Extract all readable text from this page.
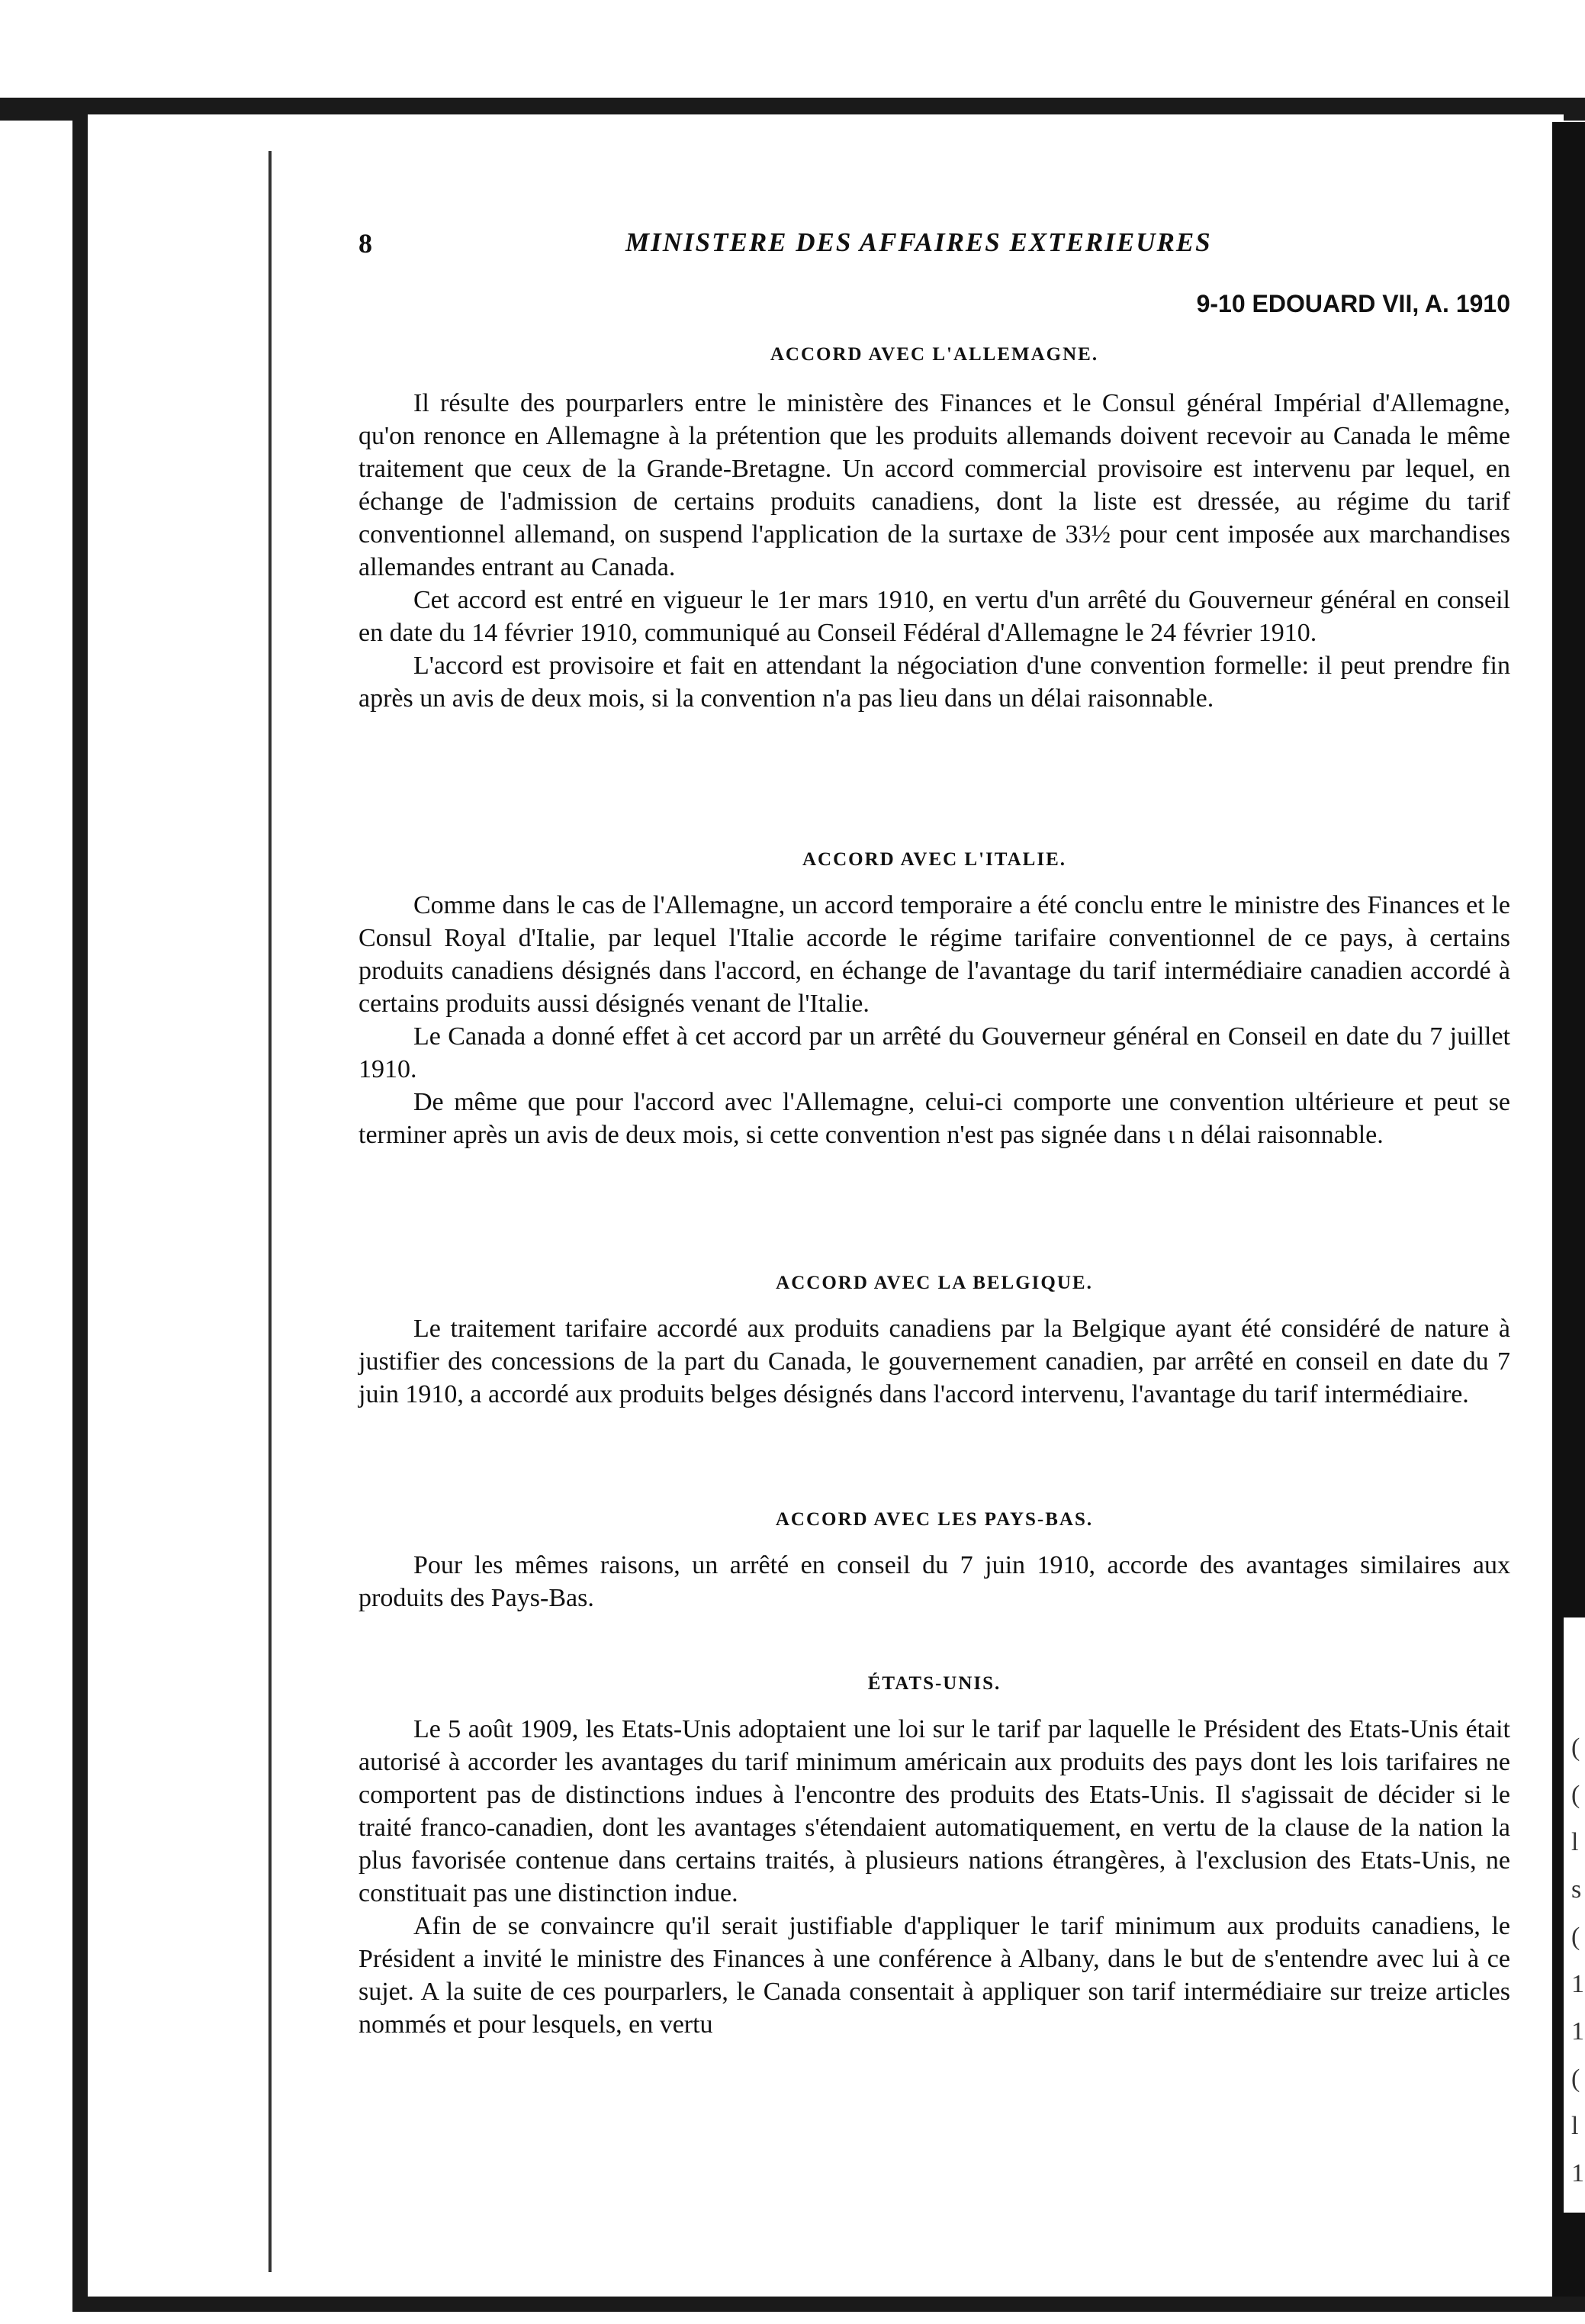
(
(
l
s
(
1
1
(
l
1
8	MINISTERE DES AFFAIRES EXTERIEURES
9-10 EDOUARD VII, A. 1910
ACCORD AVEC L'ALLEMAGNE.

Il résulte des pourparlers entre le ministère des Finances et le Consul général Impérial d'Allemagne, qu'on renonce en Allemagne à la prétention que les produits allemands doivent recevoir au Canada le même traitement que ceux de la Grande-Bretagne. Un accord commercial provisoire est intervenu par lequel, en échange de l'admission de certains produits canadiens, dont la liste est dressée, au régime du tarif conventionnel allemand, on suspend l'application de la surtaxe de 33½ pour cent imposée aux marchandises allemandes entrant au Canada.

Cet accord est entré en vigueur le 1er mars 1910, en vertu d'un arrêté du Gouverneur général en conseil en date du 14 février 1910, communiqué au Conseil Fédéral d'Allemagne le 24 février 1910.

L'accord est provisoire et fait en attendant la négociation d'une convention formelle: il peut prendre fin après un avis de deux mois, si la convention n'a pas lieu dans un délai raisonnable.

ACCORD AVEC L'ITALIE.

Comme dans le cas de l'Allemagne, un accord temporaire a été conclu entre le ministre des Finances et le Consul Royal d'Italie, par lequel l'Italie accorde le régime tarifaire conventionnel de ce pays, à certains produits canadiens désignés dans l'accord, en échange de l'avantage du tarif intermédiaire canadien accordé à certains produits aussi désignés venant de l'Italie.

Le Canada a donné effet à cet accord par un arrêté du Gouverneur général en Conseil en date du 7 juillet 1910.

De même que pour l'accord avec l'Allemagne, celui-ci comporte une convention ultérieure et peut se terminer après un avis de deux mois, si cette convention n'est pas signée dans ι n délai raisonnable.

ACCORD AVEC LA BELGIQUE.

Le traitement tarifaire accordé aux produits canadiens par la Belgique ayant été considéré de nature à justifier des concessions de la part du Canada, le gouvernement canadien, par arrêté en conseil en date du 7 juin 1910, a accordé aux produits belges désignés dans l'accord intervenu, l'avantage du tarif intermédiaire.

ACCORD AVEC LES PAYS-BAS.

Pour les mêmes raisons, un arrêté en conseil du 7 juin 1910, accorde des avantages similaires aux produits des Pays-Bas.

ÉTATS-UNIS.

Le 5 août 1909, les Etats-Unis adoptaient une loi sur le tarif par laquelle le Président des Etats-Unis était autorisé à accorder les avantages du tarif minimum américain aux produits des pays dont les lois tarifaires ne comportent pas de distinctions indues à l'encontre des produits des Etats-Unis. Il s'agissait de décider si le traité franco-canadien, dont les avantages s'étendaient automatiquement, en vertu de la clause de la nation la plus favorisée contenue dans certains traités, à plusieurs nations étrangères, à l'exclusion des Etats-Unis, ne constituait pas une distinction indue.

Afin de se convaincre qu'il serait justifiable d'appliquer le tarif minimum aux produits canadiens, le Président a invité le ministre des Finances à une conférence à Albany, dans le but de s'entendre avec lui à ce sujet. A la suite de ces pourparlers, le Canada consentait à appliquer son tarif intermédiaire sur treize articles nommés et pour lesquels, en vertu
